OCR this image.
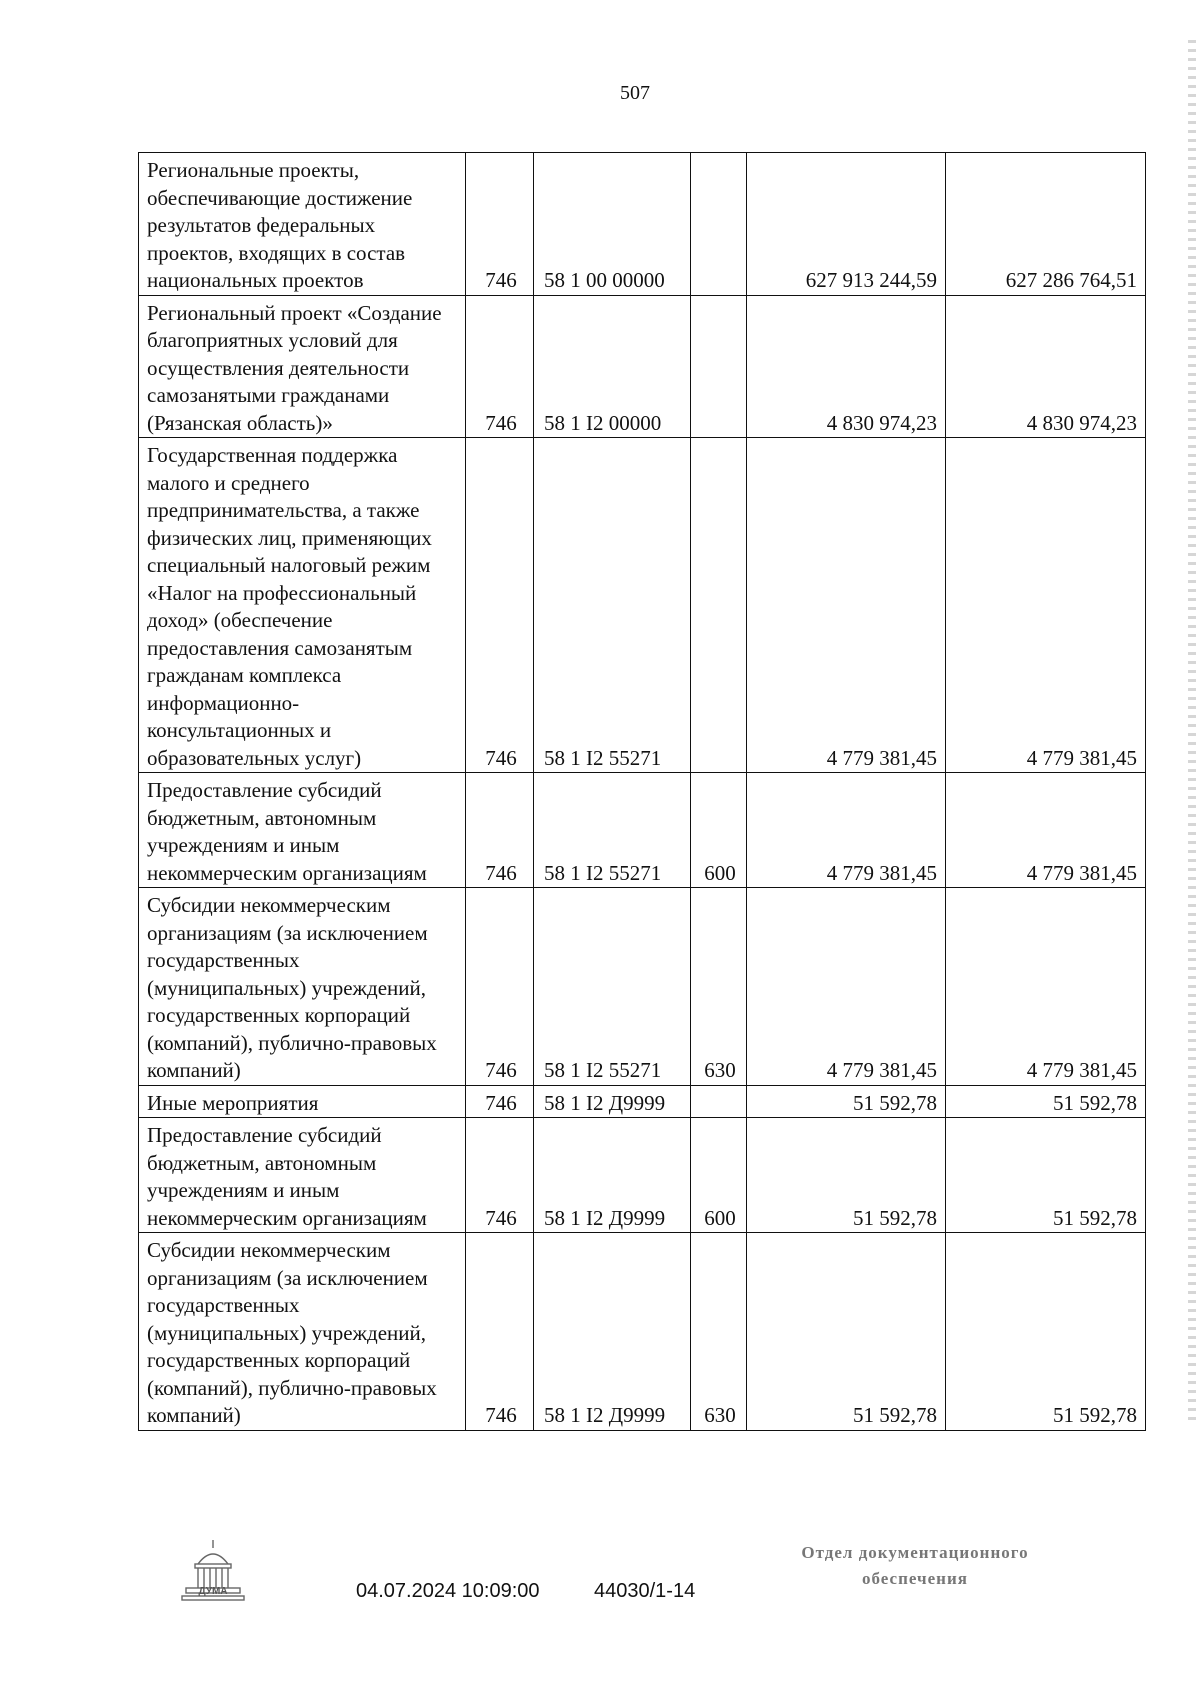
507
Региональные проекты, обеспечивающие достижение результатов федеральных проектов, входящих в состав национальных проектов	746	58 1 00 00000		627 913 244,59	627 286 764,51
Региональный проект «Создание благоприятных условий для осуществления деятельности самозанятыми гражданами (Рязанская область)»	746	58 1 I2 00000		4 830 974,23	4 830 974,23
Государственная поддержка малого и среднего предпринимательства, а также физических лиц, применяющих специальный налоговый режим «Налог на профессиональный доход» (обеспечение предоставления самозанятым гражданам комплекса информационно-консультационных и образовательных услуг)	746	58 1 I2 55271		4 779 381,45	4 779 381,45
Предоставление субсидий бюджетным, автономным учреждениям и иным некоммерческим организациям	746	58 1 I2 55271	600	4 779 381,45	4 779 381,45
Субсидии некоммерческим организациям (за исключением государственных (муниципальных) учреждений, государственных корпораций (компаний), публично-правовых компаний)	746	58 1 I2 55271	630	4 779 381,45	4 779 381,45
Иные мероприятия	746	58 1 I2 Д9999		51 592,78	51 592,78
Предоставление субсидий бюджетным, автономным учреждениям и иным некоммерческим организациям	746	58 1 I2 Д9999	600	51 592,78	51 592,78
Субсидии некоммерческим организациям (за исключением государственных (муниципальных) учреждений, государственных корпораций (компаний), публично-правовых компаний)	746	58 1 I2 Д9999	630	51 592,78	51 592,78
ДУМА	04.07.2024 10:09:00	44030/1-14
Отдел документационного
обеспечения
